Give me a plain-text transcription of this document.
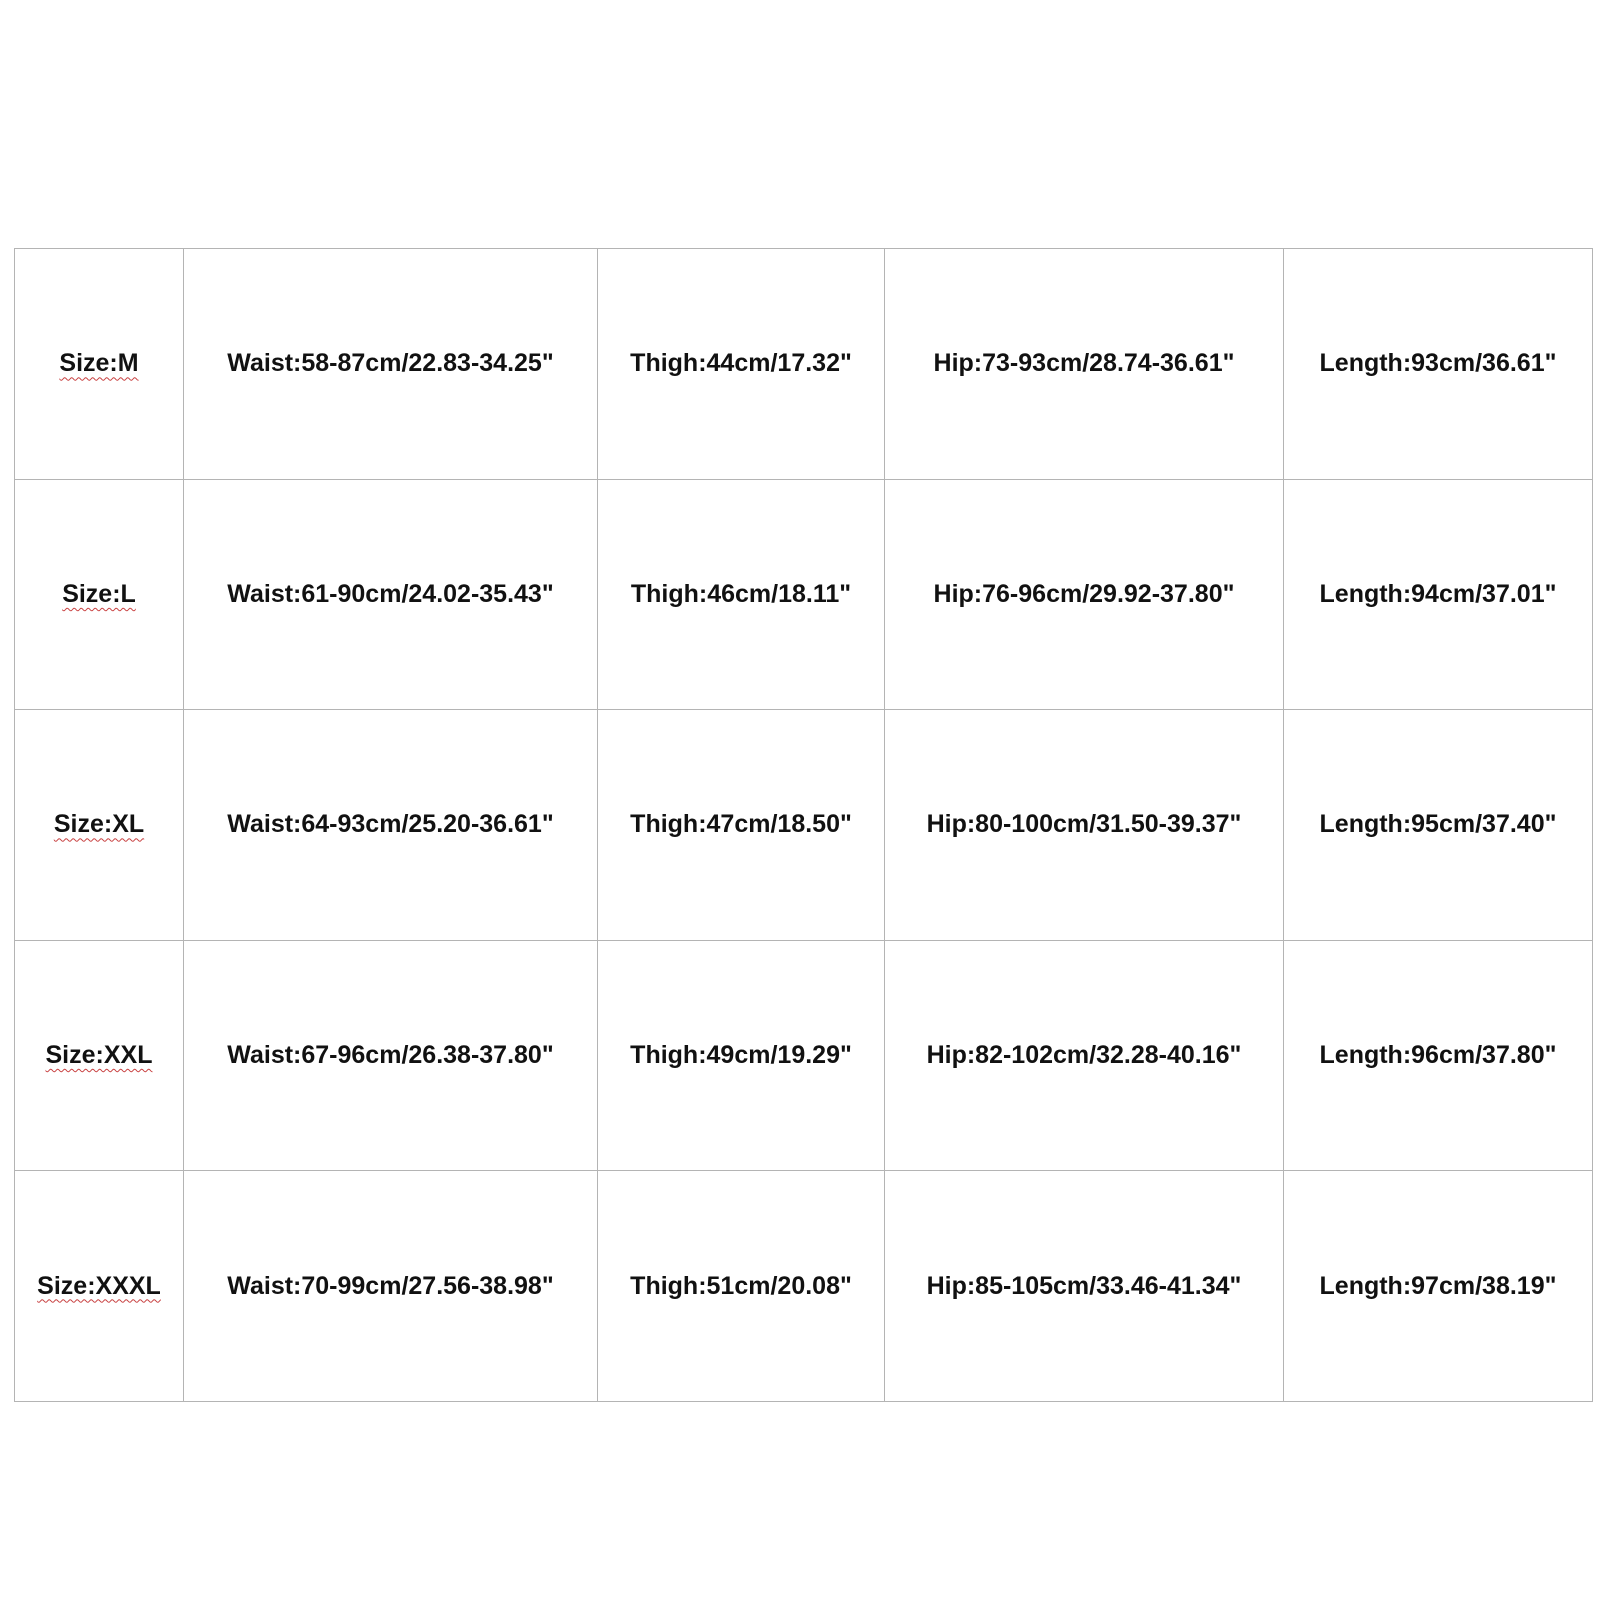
Size:M	Waist:58-87cm/22.83-34.25"	Thigh:44cm/17.32"	Hip:73-93cm/28.74-36.61"	Length:93cm/36.61"
Size:L	Waist:61-90cm/24.02-35.43"	Thigh:46cm/18.11"	Hip:76-96cm/29.92-37.80"	Length:94cm/37.01"
Size:XL	Waist:64-93cm/25.20-36.61"	Thigh:47cm/18.50"	Hip:80-100cm/31.50-39.37"	Length:95cm/37.40"
Size:XXL	Waist:67-96cm/26.38-37.80"	Thigh:49cm/19.29"	Hip:82-102cm/32.28-40.16"	Length:96cm/37.80"
Size:XXXL	Waist:70-99cm/27.56-38.98"	Thigh:51cm/20.08"	Hip:85-105cm/33.46-41.34"	Length:97cm/38.19"
